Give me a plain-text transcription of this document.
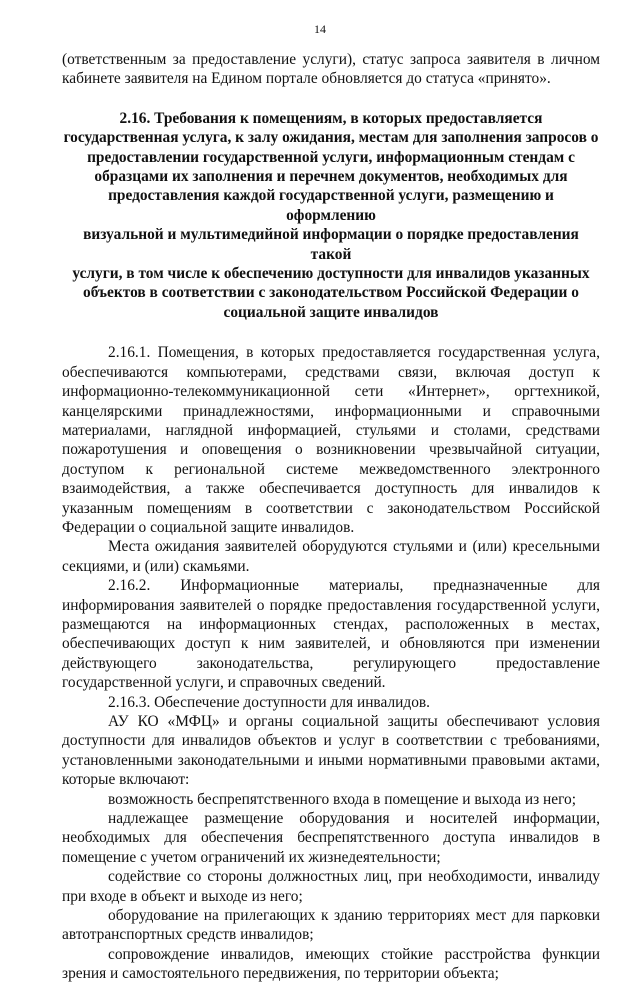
14

(ответственным за предоставление услуги), статус запроса заявителя в личном кабинете заявителя на Едином портале обновляется до статуса «принято».

2.16. Требования к помещениям, в которых предоставляется
государственная услуга, к залу ожидания, местам для заполнения запросов о
предоставлении государственной услуги, информационным стендам с
образцами их заполнения и перечнем документов, необходимых для
предоставления каждой государственной услуги, размещению и оформлению
визуальной и мультимедийной информации о порядке предоставления такой
услуги, в том числе к обеспечению доступности для инвалидов указанных
объектов в соответствии с законодательством Российской Федерации о
социальной защите инвалидов

2.16.1. Помещения, в которых предоставляется государственная услуга, обеспечиваются компьютерами, средствами связи, включая доступ к информационно-телекоммуникационной сети «Интернет», оргтехникой, канцелярскими принадлежностями, информационными и справочными материалами, наглядной информацией, стульями и столами, средствами пожаротушения и оповещения о возникновении чрезвычайной ситуации, доступом к региональной системе межведомственного электронного взаимодействия, а также обеспечивается доступность для инвалидов к указанным помещениям в соответствии с законодательством Российской Федерации о социальной защите инвалидов.

Места ожидания заявителей оборудуются стульями и (или) кресельными секциями, и (или) скамьями.

2.16.2. Информационные материалы, предназначенные для информирования заявителей о порядке предоставления государственной услуги, размещаются на информационных стендах, расположенных в местах, обеспечивающих доступ к ним заявителей, и обновляются при изменении действующего законодательства, регулирующего предоставление государственной услуги, и справочных сведений.

2.16.3. Обеспечение доступности для инвалидов.

АУ КО «МФЦ» и органы социальной защиты обеспечивают условия доступности для инвалидов объектов и услуг в соответствии с требованиями, установленными законодательными и иными нормативными правовыми актами, которые включают:

возможность беспрепятственного входа в помещение и выхода из него;

надлежащее размещение оборудования и носителей информации, необходимых для обеспечения беспрепятственного доступа инвалидов в помещение с учетом ограничений их жизнедеятельности;

содействие со стороны должностных лиц, при необходимости, инвалиду при входе в объект и выходе из него;

оборудование на прилегающих к зданию территориях мест для парковки автотранспортных средств инвалидов;

сопровождение инвалидов, имеющих стойкие расстройства функции зрения и самостоятельного передвижения, по территории объекта;
